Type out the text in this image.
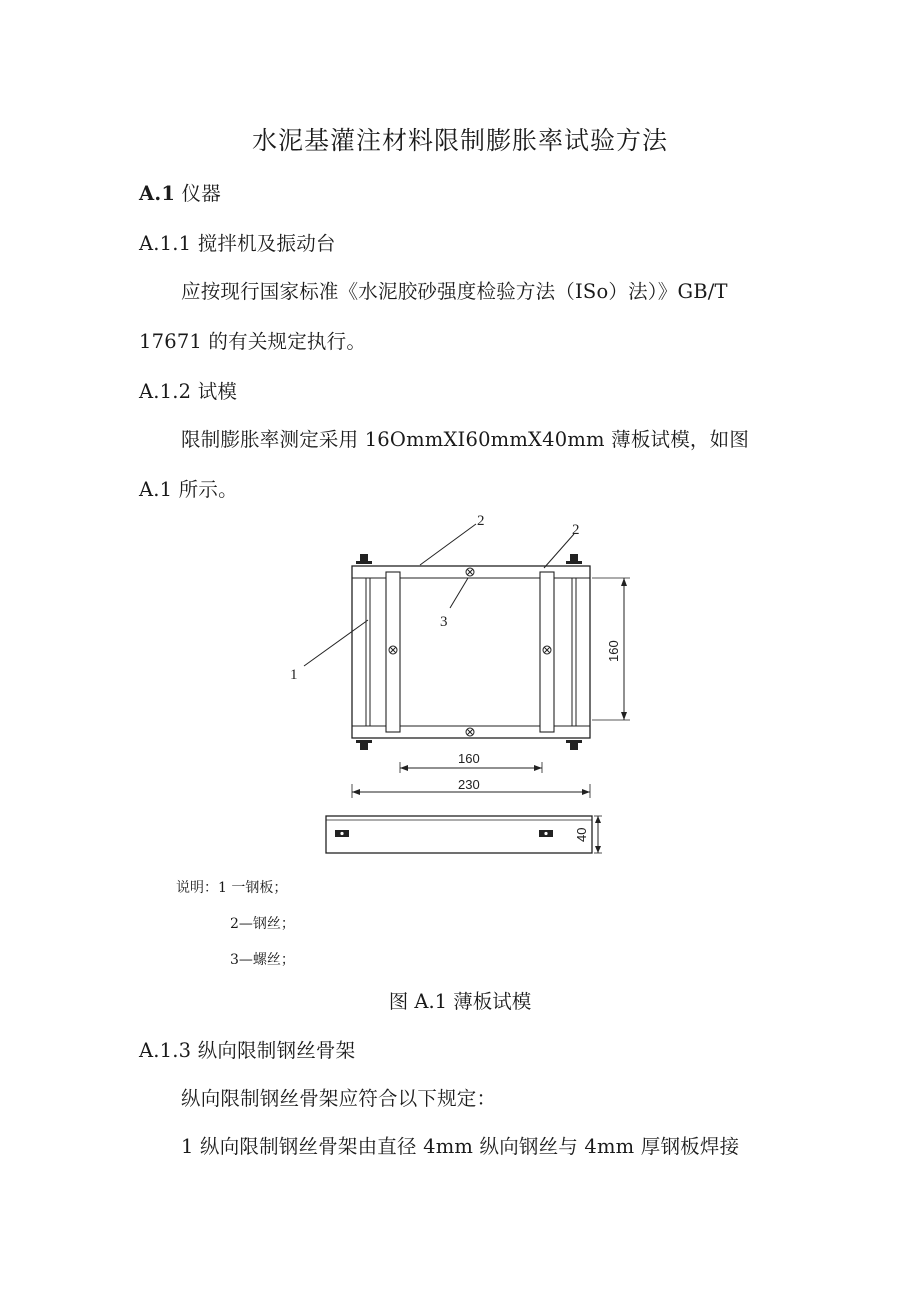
水泥基灌注材料限制膨胀率试验方法
A.1 仪器
A.1.1 搅拌机及振动台
应按现行国家标准《水泥胶砂强度检验方法（ISo）法）》GB/T
17671 的有关规定执行。
A.1.2 试模
限制膨胀率测定采用 16OmmXI60mmX40mm 薄板试模，如图
A.1 所示。
2
2
3
1
160
160
230
40
说明：1 一钢板；
2—钢丝；
3—螺丝；
图 A.1 薄板试模
A.1.3 纵向限制钢丝骨架
纵向限制钢丝骨架应符合以下规定：
1 纵向限制钢丝骨架由直径 4mm 纵向钢丝与 4mm 厚钢板焊接
